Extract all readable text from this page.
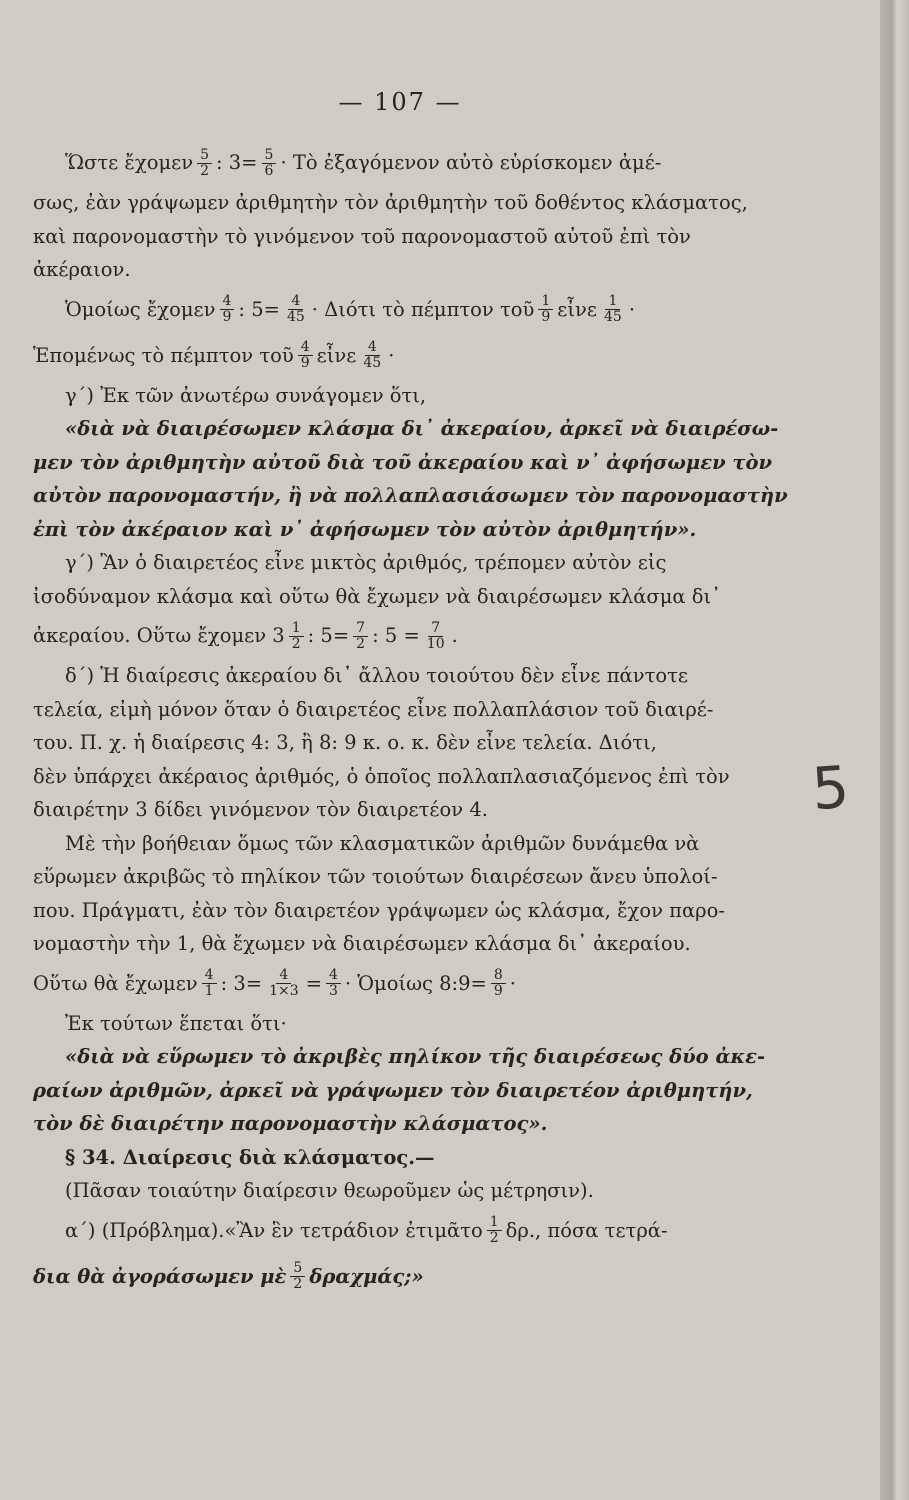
— 107 —
Ὥστε ἔχομεν $\frac{5}{2}$ : $3= \frac{5}{6}$ · Τὸ ἐξαγόμενον αὐτὸ εὑρίσκομεν ἀμέ-
σως, ἐὰν γράψωμεν ἀριθμητὴν τὸν ἀριθμητὴν τοῦ δοθέντος κλάσματος,
καὶ παρονομαστὴν τὸ γινόμενον τοῦ παρονομαστοῦ αὐτοῦ ἐπὶ τὸν
ἀκέραιον.
Ὁμοίως ἔχομεν $\frac{4}{9}$ : $5= \frac{4}{45} \cdot \Delta\iota ό\tau\iota$ τὸ πέμπτον τοῦ $\frac{1}{9}$ εἶνε $\frac{1}{45}$ ·
Ἑπομένως τὸ πέμπτον τοῦ $\frac{4}{9}$ εἶνε $\frac{4}{45}$ ·
γ΄) Ἐκ τῶν ἀνωτέρω συνάγομεν ὅτι,
«διὰ νὰ διαιρέσωμεν κλάσμα δι᾽ ἀκεραίου, ἀρκεῖ νὰ διαιρέσω-
μεν τὸν ἀριθμητὴν αὐτοῦ διὰ τοῦ ἀκεραίου καὶ ν᾽ ἀφήσωμεν τὸν
αὐτὸν παρονομαστήν, ἢ νὰ πολλαπλασιάσωμεν τὸν παρονομαστὴν
ἐπὶ τὸν ἀκέραιον καὶ ν᾽ ἀφήσωμεν τὸν αὐτὸν ἀριθμητήν».
γ΄) Ἂν ὁ διαιρετέος εἶνε μικτὸς ἀριθμός, τρέπομεν αὐτὸν εἰς
ἰσοδύναμον κλάσμα καὶ οὕτω θὰ ἔχωμεν νὰ διαιρέσωμεν κλάσμα δι᾽
ἀκεραίου. Οὕτω ἔχομεν $3 \frac{1}{2}$ : $5= \frac{7}{2}$ : $5 = \frac{7}{10}$ .
δ΄) Ἡ διαίρεσις ἀκεραίου δι᾽ ἄλλου τοιούτου δὲν εἶνε πάντοτε
τελεία, εἰμὴ μόνον ὅταν ὁ διαιρετέος εἶνε πολλαπλάσιον τοῦ διαιρέ-
του. Π. χ. ἡ διαίρεσις 4: 3, ἢ 8: 9 κ. ο. κ. δὲν εἶνε τελεία. Διότι,
δὲν ὑπάρχει ἀκέραιος ἀριθμός, ὁ ὁποῖος πολλαπλασιαζόμενος ἐπὶ τὸν
διαιρέτην 3 δίδει γινόμενον τὸν διαιρετέον 4.
Μὲ τὴν βοήθειαν ὅμως τῶν κλασματικῶν ἀριθμῶν δυνάμεθα νὰ
εὕρωμεν ἀκριβῶς τὸ πηλίκον τῶν τοιούτων διαιρέσεων ἄνευ ὑπολοί-
που. Πράγματι, ἐὰν τὸν διαιρετέον γράψωμεν ὡς κλάσμα, ἔχον παρο-
νομαστὴν τὴν 1, θὰ ἔχωμεν νὰ διαιρέσωμεν κλάσμα δι᾽ ἀκεραίου.
Οὕτω θὰ ἔχωμεν $\frac{4}{1}$ : $3= \frac{4}{1\times 3} = \frac{4}{3}$ · Ὁμοίως 8:9= $\frac{8}{9}$ ·
Ἐκ τούτων ἕπεται ὅτι·
«διὰ νὰ εὕρωμεν τὸ ἀκριβὲς πηλίκον τῆς διαιρέσεως δύο ἀκε-
ραίων ἀριθμῶν, ἀρκεῖ νὰ γράψωμεν τὸν διαιρετέον ἀριθμητήν,
τὸν δὲ διαιρέτην παρονομαστὴν κλάσματος».
§ 34. Διαίρεσις διὰ κλάσματος.—
(Πᾶσαν τοιαύτην διαίρεσιν θεωροῦμεν ὡς μέτρησιν).
α΄) (Πρόβλημα).«Ἂν ἓν τετράδιον ἐτιμᾶτο $\frac{1}{2} \delta\rho$., πόσα τετρά-
δια θὰ ἀγοράσωμεν μὲ $\frac{5}{2} \delta\rho\alpha\chi\mu ά\varsigma$;»
5
